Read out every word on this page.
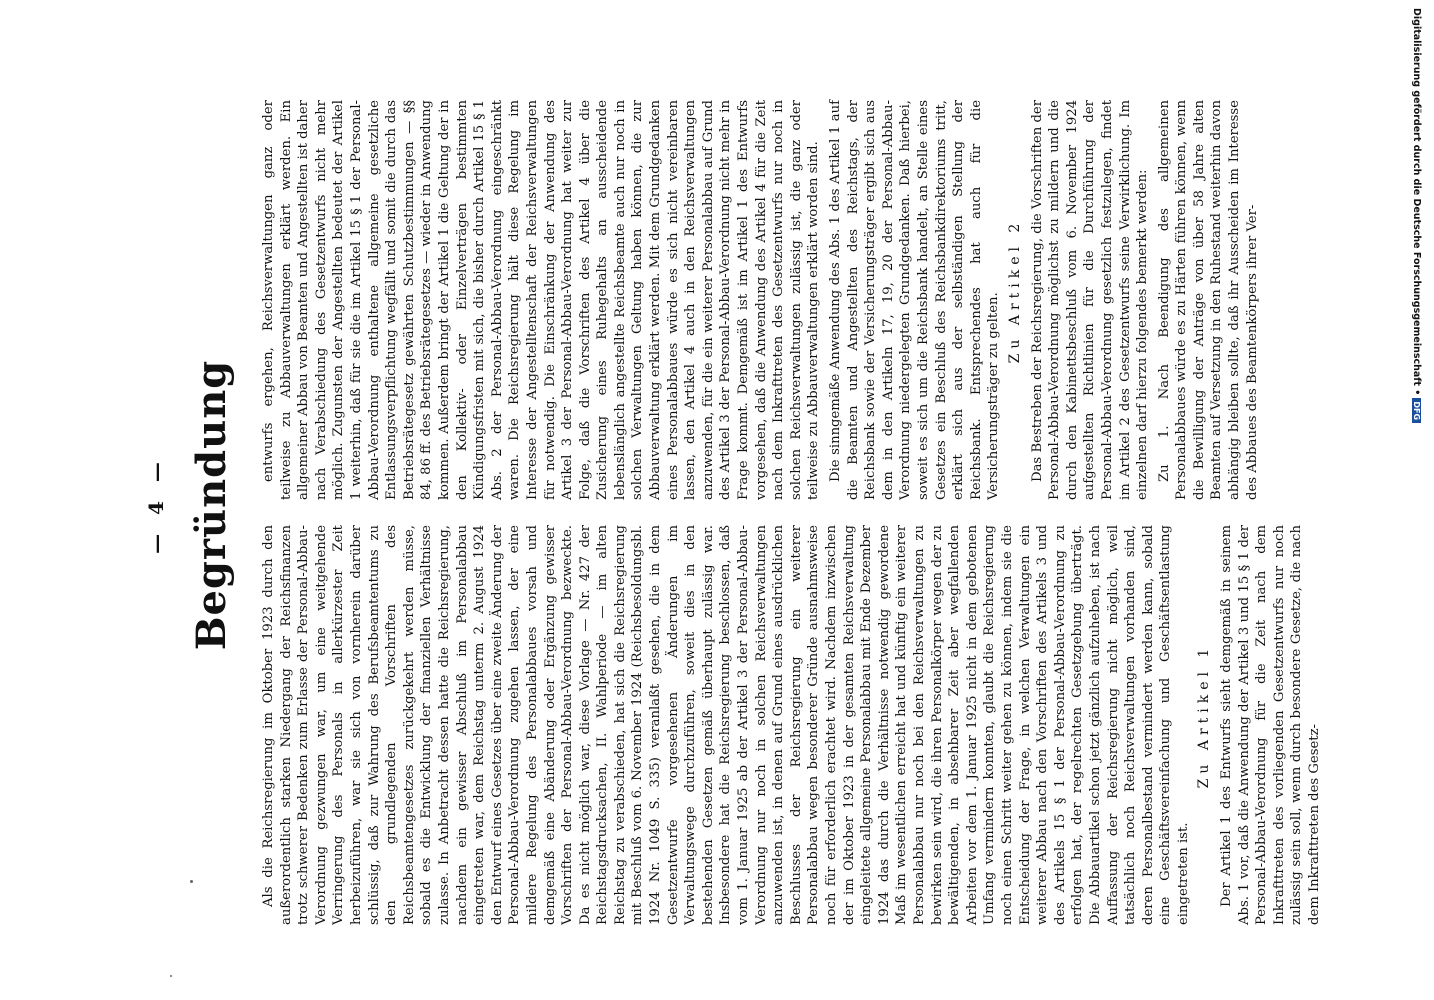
— 4 — Begründung

Als die Reichsregierung im Oktober 1923 durch den außerordentlich starken Niedergang der Reichsfinanzen trotz schwerer Bedenken zum Erlasse der Personal-Abbau-Verordnung gezwungen war, um eine weitgehende Verringerung des Personals in allerkürzester Zeit herbeizuführen, war sie sich von vornherein darüber schlüssig, daß zur Wahrung des Berufsbeamtentums zu den grundlegenden Vorschriften des Reichsbeamtengesetzes zurückgekehrt werden müsse, sobald es die Entwicklung der finanziellen Verhältnisse zulasse. In Anbetracht dessen hatte die Reichsregierung, nachdem ein gewisser Abschluß im Personalabbau eingetreten war, dem Reichstag unterm 2. August 1924 den Entwurf eines Gesetzes über eine zweite Änderung der Personal-Abbau-Verordnung zugehen lassen, der eine mildere Regelung des Personalabbaues vorsah und demgemäß eine Abänderung oder Ergänzung gewisser Vorschriften der Personal-Abbau-Verordnung bezweckte. Da es nicht möglich war, diese Vorlage — Nr. 427 der Reichstagsdrucksachen, II. Wahlperiode — im alten Reichstag zu verabschieden, hat sich die Reichsregierung mit Beschluß vom 6. November 1924 (Reichsbesoldungsbl. 1924 Nr. 1049 S. 335) veranlaßt gesehen, die in dem Gesetzentwurfe vorgesehenen Änderungen im Verwaltungswege durchzuführen, soweit dies in den bestehenden Gesetzen gemäß überhaupt zulässig war. Insbesondere hat die Reichsregierung beschlossen, daß vom 1. Januar 1925 ab der Artikel 3 der Personal-Abbau-Verordnung nur noch in solchen Reichsverwaltungen anzuwenden ist, in denen auf Grund eines ausdrücklichen Beschlusses der Reichsregierung ein weiterer Personalabbau wegen besonderer Gründe ausnahmsweise noch für erforderlich erachtet wird. Nachdem inzwischen der im Oktober 1923 in der gesamten Reichsverwaltung eingeleitete allgemeine Personalabbau mit Ende Dezember 1924 das durch die Verhältnisse notwendig gewordene Maß im wesentlichen erreicht hat und künftig ein weiterer Personalabbau nur noch bei den Reichsverwaltungen zu bewirken sein wird, die ihren Personalkörper wegen der zu bewältigenden, in absehbarer Zeit aber wegfallenden Arbeiten vor dem 1. Januar 1925 nicht in dem gebotenen Umfang vermindern konnten, glaubt die Reichsregierung noch einen Schritt weiter gehen zu können, indem sie die Entscheidung der Frage, in welchen Verwaltungen ein weiterer Abbau nach den Vorschriften des Artikels 3 und des Artikels 15 § 1 der Personal-Abbau-Verordnung zu erfolgen hat, der regelrechten Gesetzgebung überträgt. Die Abbauartikel schon jetzt gänzlich aufzuheben, ist nach Auffassung der Reichsregierung nicht möglich, weil tatsächlich noch Reichsverwaltungen vorhanden sind, deren Personalbestand vermindert werden kann, sobald eine Geschäftsvereinfachung und Geschäftsentlastung eingetreten ist.

Zu Artikel 1 Der Artikel 1 des Entwurfs sieht demgemäß in seinem Abs. 1 vor, daß die Anwendung der Artikel 3 und 15 § 1 der Personal-Abbau-Verordnung für die Zeit nach dem Inkrafttreten des vorliegenden Gesetzentwurfs nur noch zulässig sein soll, wenn durch besondere Gesetze, die nach dem Inkrafttreten des Gesetz-

entwurfs ergehen, Reichsverwaltungen ganz oder teilweise zu Abbauverwaltungen erklärt werden. Ein allgemeiner Abbau von Beamten und Angestellten ist daher nach Verabschiedung des Gesetzentwurfs nicht mehr möglich. Zugunsten der Angestellten bedeutet der Artikel 1 weiterhin, daß für sie die im Artikel 15 § 1 der Personal-Abbau-Verordnung enthaltene allgemeine gesetzliche Entlassungsverpflichtung wegfällt und somit die durch das Betriebsrätegesetz gewährten Schutzbestimmungen — §§ 84, 86 ff. des Betriebsrätegesetzes — wieder in Anwendung kommen. Außerdem bringt der Artikel 1 die Geltung der in den Kollektiv- oder Einzelverträgen bestimmten Kündigungsfristen mit sich, die bisher durch Artikel 15 § 1 Abs. 2 der Personal-Abbau-Verordnung eingeschränkt waren. Die Reichsregierung hält diese Regelung im Interesse der Angestelltenschaft der Reichsverwaltungen für notwendig. Die Einschränkung der Anwendung des Artikel 3 der Personal-Abbau-Verordnung hat weiter zur Folge, daß die Vorschriften des Artikel 4 über die Zusicherung eines Ruhegehalts an ausscheidende lebenslänglich angestellte Reichsbeamte auch nur noch in solchen Verwaltungen Geltung haben können, die zur Abbauverwaltung erklärt werden. Mit dem Grundgedanken eines Personalabbaues würde es sich nicht vereinbaren lassen, den Artikel 4 auch in den Reichsverwaltungen anzuwenden, für die ein weiterer Personalabbau auf Grund des Artikel 3 der Personal-Abbau-Verordnung nicht mehr in Frage kommt. Demgemäß ist im Artikel 1 des Entwurfs vorgesehen, daß die Anwendung des Artikel 4 für die Zeit nach dem Inkrafttreten des Gesetzentwurfs nur noch in solchen Reichsverwaltungen zulässig ist, die ganz oder teilweise zu Abbauverwaltungen erklärt worden sind. Die sinngemäße Anwendung des Abs. 1 des Artikel 1 auf die Beamten und Angestellten des Reichstags, der Reichsbank sowie der Versicherungsträger ergibt sich aus dem in den Artikeln 17, 19, 20 der Personal-Abbau-Verordnung niedergelegten Grundgedanken. Daß hierbei, soweit es sich um die Reichsbank handelt, an Stelle eines Gesetzes ein Beschluß des Reichsbankdirektoriums tritt, erklärt sich aus der selbständigen Stellung der Reichsbank. Entsprechendes hat auch für die Versicherungsträger zu gelten.

Zu Artikel 2 Das Bestreben der Reichsregierung, die Vorschriften der Personal-Abbau-Verordnung möglichst zu mildern und die durch den Kabinettsbeschluß vom 6. November 1924 aufgestellten Richtlinien für die Durchführung der Personal-Abbau-Verordnung gesetzlich festzulegen, findet im Artikel 2 des Gesetzentwurfs seine Verwirklichung. Im einzelnen darf hierzu folgendes bemerkt werden: Zu 1. Nach Beendigung des allgemeinen Personalabbaues würde es zu Härten führen können, wenn die Bewilligung der Anträge von über 58 Jahre alten Beamten auf Versetzung in den Ruhestand weiterhin davon abhängig bleiben sollte, daß ihr Ausscheiden im Interesse des Abbaues des Beamtenkörpers ihrer Ver-	Digitalisierung gefördert durch die Deutsche Forschungsgemeinschaft •DFG
